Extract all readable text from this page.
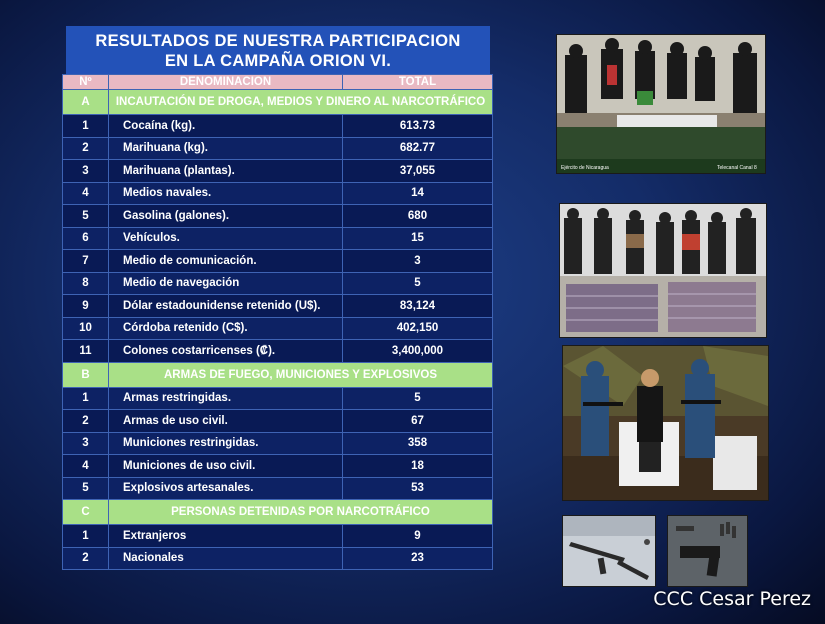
RESULTADOS DE NUESTRA PARTICIPACION
EN LA CAMPAÑA ORION VI.
Nº	DENOMINACION	TOTAL
A	INCAUTACIÓN DE DROGA, MEDIOS Y DINERO AL NARCOTRÁFICO	
1	Cocaína (kg).	613.73
2	Marihuana (kg).	682.77
3	Marihuana (plantas).	37,055
4	Medios navales.	14
5	Gasolina (galones).	680
6	Vehículos.	15
7	Medio de comunicación.	3
8	Medio de navegación	5
9	Dólar estadounidense retenido (U$).	83,124
10	Córdoba retenido (C$).	402,150
11	Colones costarricenses (₡).	3,400,000
B	ARMAS DE FUEGO, MUNICIONES Y EXPLOSIVOS	
1	Armas restringidas.	5
2	Armas de uso civil.	67
3	Municiones restringidas.	358
4	Municiones de uso civil.	18
5	Explosivos artesanales.	53
C	PERSONAS DETENIDAS POR NARCOTRÁFICO	
1	Extranjeros	9
2	Nacionales	23
Ejército de Nicaragua	Telecanal Canal 8
CCC Cesar Perez
